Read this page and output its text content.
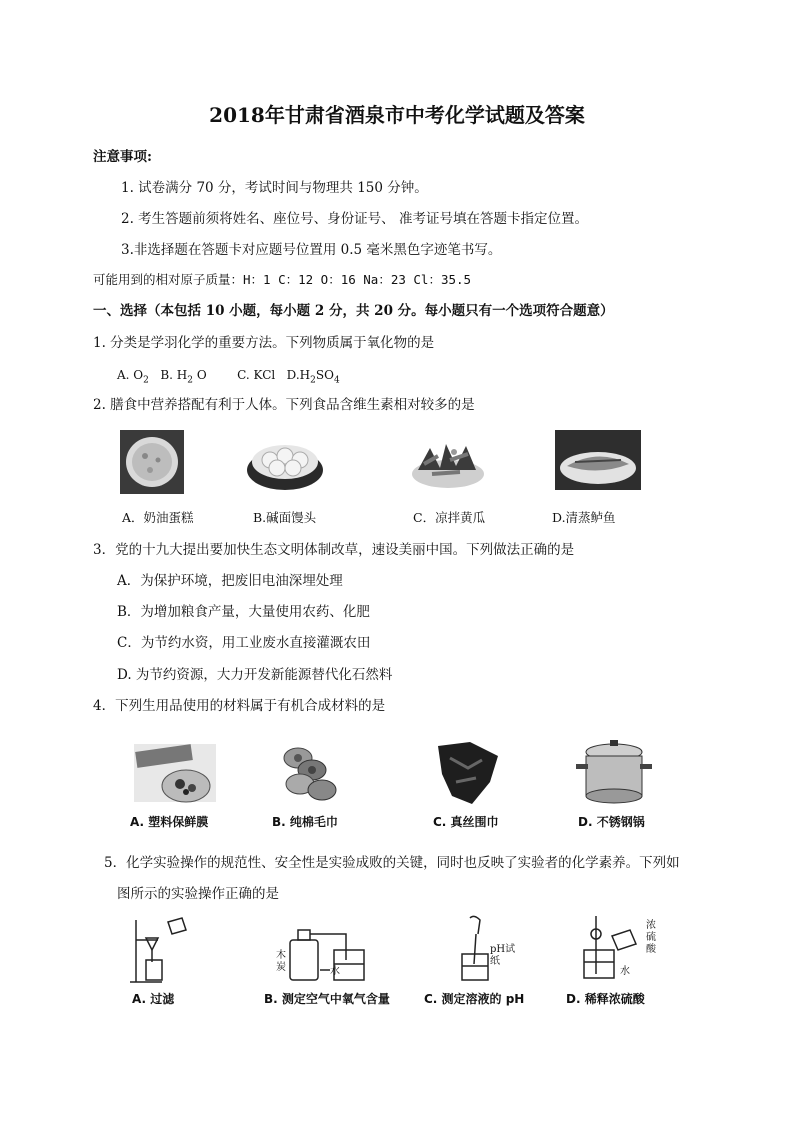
2018年甘肃省酒泉市中考化学试题及答案
注意事项:
1. 试卷满分 70 分，考试时间与物理共 150 分钟。
2. 考生答题前须将姓名、座位号、身份证号、 准考证号填在答题卡指定位置。
3.非选择题在答题卡对应题号位置用 0.5 毫米黑色字迹笔书写。
可能用到的相对原子质量：H：1 C：12 O：16 Na：23 Cl：35.5
一、选择（本包括 10 小题，每小题 2 分，共 20 分。每小题只有一个选项符合题意）
1. 分类是学羽化学的重要方法。下列物质属于氧化物的是
A. $O_2$ B. $H_2$ O	C. KCl $D.H_2SO_4$
2. 膳食中营养搭配有利于人体。下列食品含维生素相对较多的是
A．奶油蛋糕	B.碱面馒头	C．凉拌黄瓜	D.清蒸鲈鱼
3．党的十九大提出要加快生态文明体制改草，速设美丽中国。下列做法正确的是
A．为保护环境，把废旧电油深埋处理
B．为增加粮食产量，大量使用农药、化肥
C．为节约水资，用工业废水直接灌溉农田
D. 为节约资源，大力开发新能源替代化石然料
4．下列生用品使用的材料属于有机合成材料的是
A. 塑料保鲜膜	B. 纯棉毛巾	C. 真丝围巾	D. 不锈钢锅
5．化学实验操作的规范性、安全性是实验成败的关键，同时也反映了实验者的化学素养。下列如
图所示的实验操作正确的是
木炭	水
pH试纸
浓硫酸
水
A. 过滤	B. 测定空气中氧气含量	C. 测定溶液的 pH	D. 稀释浓硫酸
